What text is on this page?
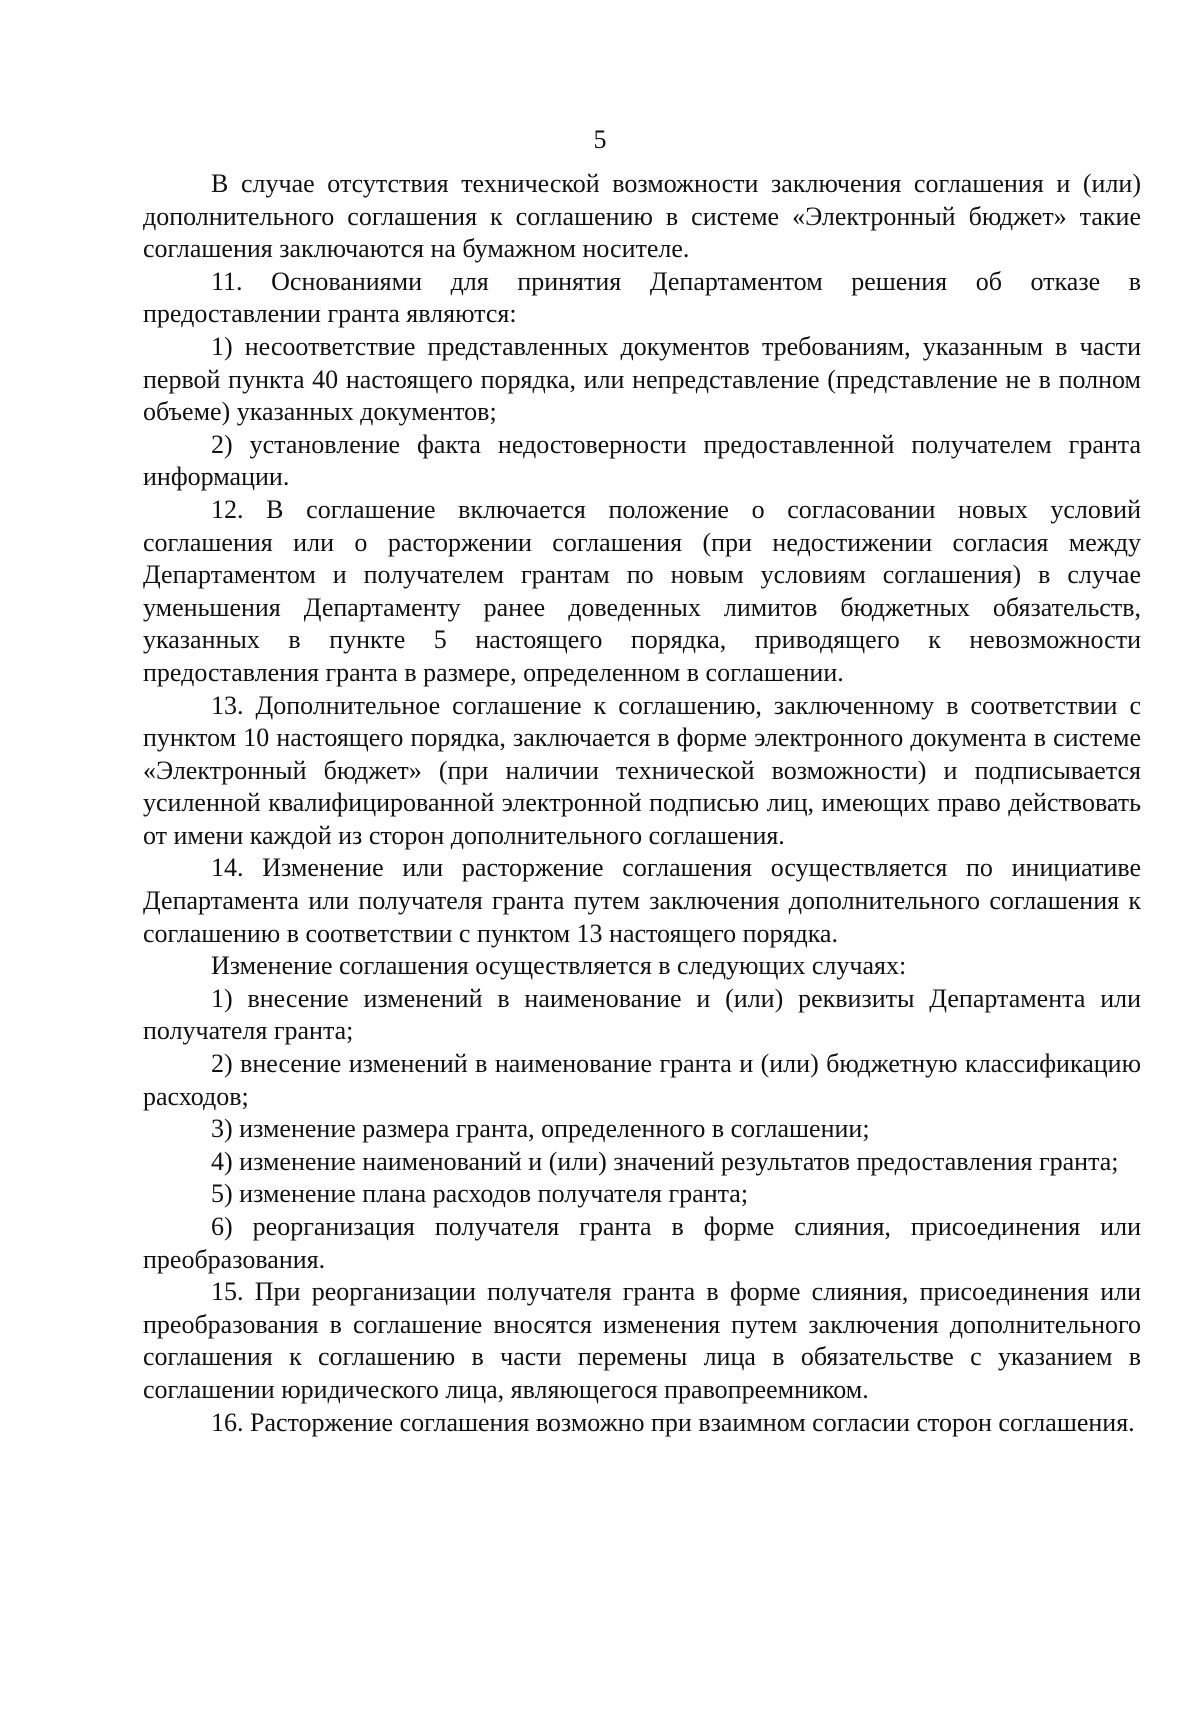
5

В случае отсутствия технической возможности заключения соглашения и (или) дополнительного соглашения к соглашению в системе «Электронный бюджет» такие соглашения заключаются на бумажном носителе.

11. Основаниями для принятия Департаментом решения об отказе в предоставлении гранта являются:

1) несоответствие представленных документов требованиям, указанным в части первой пункта 40 настоящего порядка, или непредставление (представление не в полном объеме) указанных документов;

2) установление факта недостоверности предоставленной получателем гранта информации.

12. В соглашение включается положение о согласовании новых условий соглашения или о расторжении соглашения (при недостижении согласия между Департаментом и получателем грантам по новым условиям соглашения) в случае уменьшения Департаменту ранее доведенных лимитов бюджетных обязательств, указанных в пункте 5 настоящего порядка, приводящего к невозможности предоставления гранта в размере, определенном в соглашении.

13. Дополнительное соглашение к соглашению, заключенному в соответствии с пунктом 10 настоящего порядка, заключается в форме электронного документа в системе «Электронный бюджет» (при наличии технической возможности) и подписывается усиленной квалифицированной электронной подписью лиц, имеющих право действовать от имени каждой из сторон дополнительного соглашения.

14. Изменение или расторжение соглашения осуществляется по инициативе Департамента или получателя гранта путем заключения дополнительного соглашения к соглашению в соответствии с пунктом 13 настоящего порядка.

Изменение соглашения осуществляется в следующих случаях:

1) внесение изменений в наименование и (или) реквизиты Департамента или получателя гранта;

2) внесение изменений в наименование гранта и (или) бюджетную классификацию расходов;

3) изменение размера гранта, определенного в соглашении;

4) изменение наименований и (или) значений результатов предоставления гранта;

5) изменение плана расходов получателя гранта;

6) реорганизация получателя гранта в форме слияния, присоединения или преобразования.

15. При реорганизации получателя гранта в форме слияния, присоединения или преобразования в соглашение вносятся изменения путем заключения дополнительного соглашения к соглашению в части перемены лица в обязательстве с указанием в соглашении юридического лица, являющегося правопреемником.

16. Расторжение соглашения возможно при взаимном согласии сторон соглашения.
